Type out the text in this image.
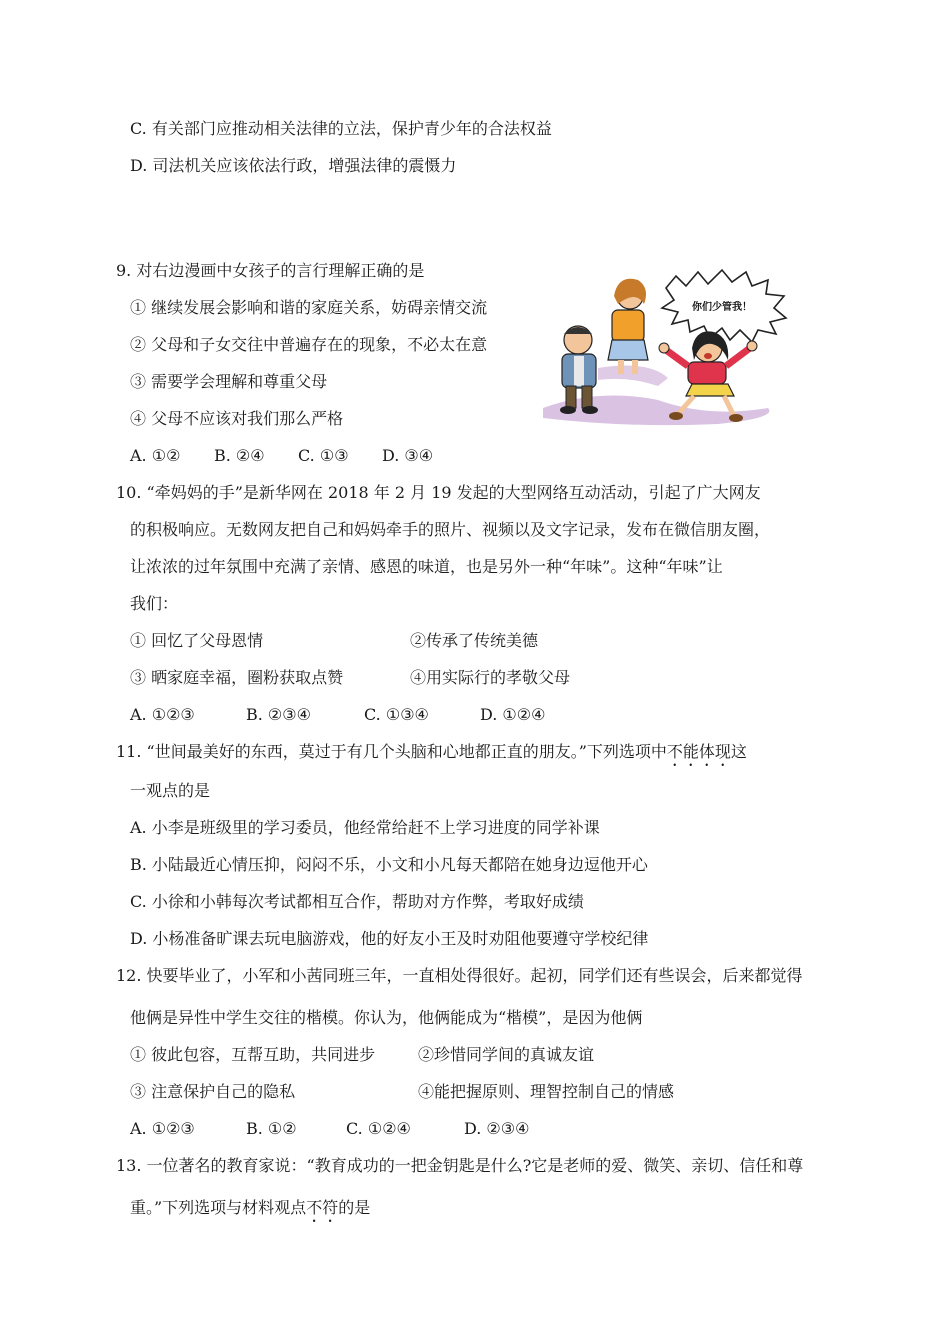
C. 有关部门应推动相关法律的立法，保护青少年的合法权益
D. 司法机关应该依法行政，增强法律的震慑力
9. 对右边漫画中女孩子的言行理解正确的是
① 继续发展会影响和谐的家庭关系，妨碍亲情交流
② 父母和子女交往中普遍存在的现象，不必太在意
③ 需要学会理解和尊重父母
④ 父母不应该对我们那么严格
A. ①② B. ②④ C. ①③ D. ③④
你们少管我！
10. “牵妈妈的手”是新华网在 2018 年 2 月 19 发起的大型网络互动活动，引起了广大网友
的积极响应。无数网友把自己和妈妈牵手的照片、视频以及文字记录，发布在微信朋友圈，
让浓浓的过年氛围中充满了亲情、感恩的味道，也是另外一种“年味”。这种“年味”让
我们：
① 回忆了父母恩情	②传承了传统美德
③ 晒家庭幸福，圈粉获取点赞	④用实际行的孝敬父母
A. ①②③	B. ②③④	C. ①③④	D. ①②④
11. “世间最美好的东西，莫过于有几个头脑和心地都正直的朋友。”下列选项中不能体现这
一观点的是
A. 小李是班级里的学习委员，他经常给赶不上学习进度的同学补课
B. 小陆最近心情压抑，闷闷不乐，小文和小凡每天都陪在她身边逗他开心
C. 小徐和小韩每次考试都相互合作，帮助对方作弊，考取好成绩
D. 小杨准备旷课去玩电脑游戏，他的好友小王及时劝阻他要遵守学校纪律
12. 快要毕业了，小军和小茜同班三年，一直相处得很好。起初，同学们还有些误会，后来都觉得
他俩是异性中学生交往的楷模。你认为，他俩能成为“楷模”，是因为他俩
① 彼此包容，互帮互助，共同进步	②珍惜同学间的真诚友谊
③ 注意保护自己的隐私	④能把握原则、理智控制自己的情感
A. ①②③	B. ①②	C. ①②④	D. ②③④
13. 一位著名的教育家说：“教育成功的一把金钥匙是什么?它是老师的爱、微笑、亲切、信任和尊
重。”下列选项与材料观点不符的是
